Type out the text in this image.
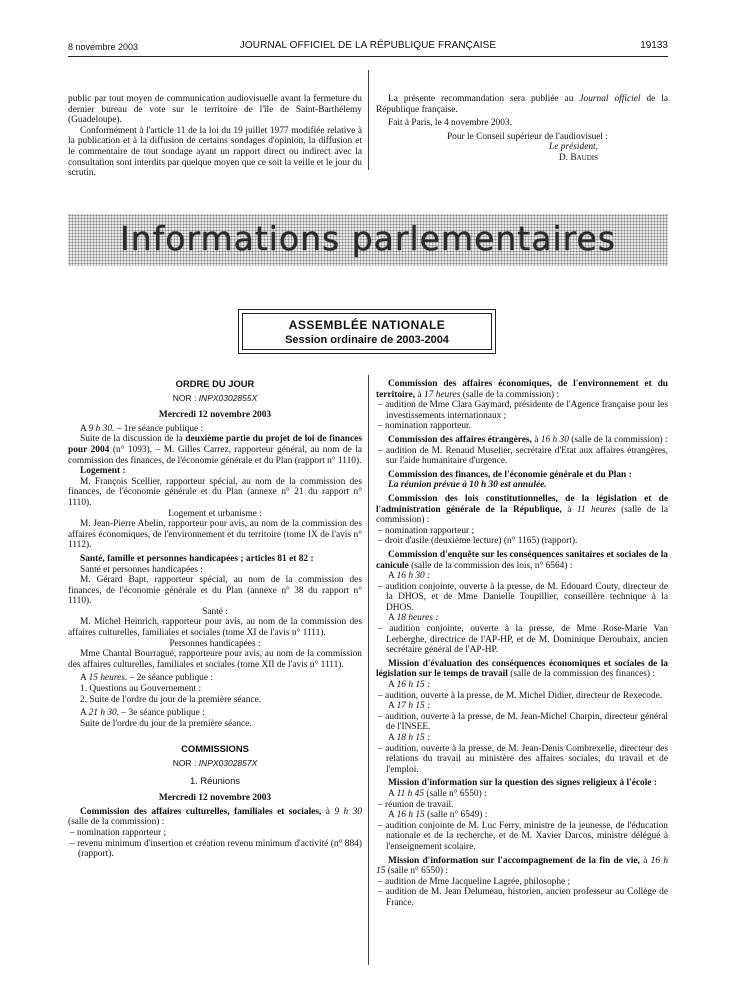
8 novembre 2003	JOURNAL OFFICIEL DE LA RÉPUBLIQUE FRANÇAISE	19133

public par tout moyen de communication audiovisuelle avant la fermeture du dernier bureau de vote sur le territoire de l'île de Saint-Barthélemy (Guadeloupe).

Conformément à l'article 11 de la loi du 19 juillet 1977 modifiée relative à la publication et à la diffusion de certains sondages d'opinion, la diffusion et le commentaire de tout sondage ayant un rapport direct ou indirect avec la consultation sont interdits par quelque moyen que ce soit la veille et le jour du scrutin.

La présente recommandation sera publiée au Journal officiel de la République française.

Fait à Paris, le 4 novembre 2003.

Pour le Conseil supérieur de l'audiovisuel :

Le président,

D. Baudis

Informations parlementaires
ASSEMBLÉE NATIONALE
Session ordinaire de 2003-2004

ORDRE DU JOUR

NOR : INPX0302855X

Mercredi 12 novembre 2003

A 9 h 30. – 1re séance publique :

Suite de la discussion de la deuxième partie du projet de loi de finances pour 2004 (n° 1093). – M. Gilles Carrez, rapporteur général, au nom de la commission des finances, de l'économie générale et du Plan (rapport n° 1110).

Logement :

M. François Scellier, rapporteur spécial, au nom de la commission des finances, de l'économie générale et du Plan (annexe n° 21 du rapport n° 1110).

Logement et urbanisme :

M. Jean-Pierre Abelin, rapporteur pour avis, au nom de la commission des affaires économiques, de l'environnement et du territoire (tome IX de l'avis n° 1112).

Santé, famille et personnes handicapées ; articles 81 et 82 :

Santé et personnes handicapées :

M. Gérard Bapt, rapporteur spécial, au nom de la commission des finances, de l'économie générale et du Plan (annexe n° 38 du rapport n° 1110).

Santé :

M. Michel Heinrich, rapporteur pour avis, au nom de la commission des affaires culturelles, familiales et sociales (tome XI de l'avis n° 1111).

Personnes handicapées :

Mme Chantal Bourragué, rapporteure pour avis, au nom de la commission des affaires culturelles, familiales et sociales (tome XII de l'avis n° 1111).

A 15 heures. – 2e séance publique :

1. Questions au Gouvernement :

2. Suite de l'ordre du jour de la première séance.

A 21 h 30. – 3e séance publique :

Suite de l'ordre du jour de la première séance.

COMMISSIONS

NOR : INPX0302857X

1. Réunions

Mercredi 12 novembre 2003

Commission des affaires culturelles, familiales et sociales, à 9 h 30 (salle de la commission) :

– nomination rapporteur ;

– revenu minimum d'insertion et création revenu minimum d'activité (n° 884) (rapport).

Commission des affaires économiques, de l'environnement et du territoire, à 17 heures (salle de la commission) :

– audition de Mme Clara Gaymard, présidente de l'Agence française pour les investissements internationaux ;

– nomination rapporteur.

Commission des affaires étrangères, à 16 h 30 (salle de la commission) :

– audition de M. Renaud Muselier, secrétaire d'Etat aux affaires étrangères, sur l'aide humanitaire d'urgence.

Commission des finances, de l'économie générale et du Plan :

La réunion prévue à 10 h 30 est annulée.

Commission des lois constitutionnelles, de la législation et de l'administration générale de la République, à 11 heures (salle de la commission) :

– nomination rapporteur ;

– droit d'asile (deuxième lecture) (n° 1165) (rapport).

Commission d'enquête sur les conséquences sanitaires et sociales de la canicule (salle de la commission des lois, n° 6564) :

A 16 h 30 :

– audition conjointe, ouverte à la presse, de M. Edouard Couty, directeur de la DHOS, et de Mme Danielle Toupillier, conseillère technique à la DHOS.

A 18 heures :

– audition conjointe, ouverte à la presse, de Mme Rose-Marie Van Lerberghe, directrice de l'AP-HP, et de M. Dominique Deroubaix, ancien secrétaire général de l'AP-HP.

Mission d'évaluation des conséquences économiques et sociales de la législation sur le temps de travail (salle de la commission des finances) :

A 16 h 15 :

– audition, ouverte à la presse, de M. Michel Didier, directeur de Rexecode.

A 17 h 15 :

– audition, ouverte à la presse, de M. Jean-Michel Charpin, directeur général de l'INSEE.

A 18 h 15 :

– audition, ouverte à la presse, de M. Jean-Denis Combrexelle, directeur des relations du travail au ministère des affaires sociales, du travail et de l'emploi.

Mission d'information sur la question des signes religieux à l'école :

A 11 h 45 (salle n° 6550) :

– réunion de travail.

A 16 h 15 (salle n° 6549) :

– audition conjointe de M. Luc Ferry, ministre de la jeunesse, de l'éducation nationale et de la recherche, et de M. Xavier Darcos, ministre délégué à l'enseignement scolaire.

Mission d'information sur l'accompagnement de la fin de vie, à 16 h 15 (salle n° 6550) :

– audition de Mme Jacqueline Lagrée, philosophe ;

– audition de M. Jean Delumeau, historien, ancien professeur au Collège de France.
